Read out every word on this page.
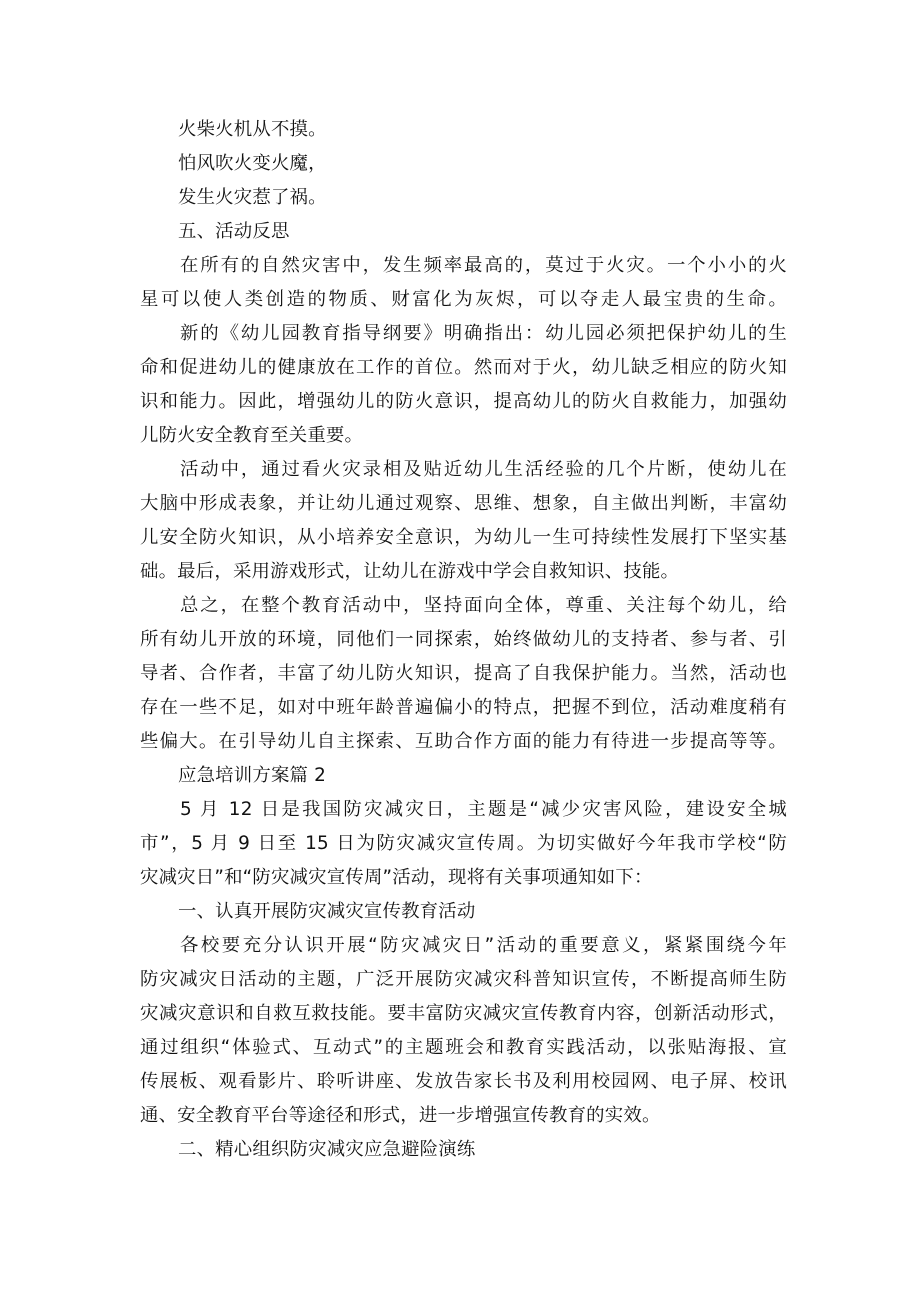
火柴火机从不摸。
怕风吹火变火魔，
发生火灾惹了祸。
五、活动反思
在所有的自然灾害中，发生频率最高的，莫过于火灾。一个小小的火
星可以使人类创造的物质、财富化为灰烬，可以夺走人最宝贵的生命。
新的《幼儿园教育指导纲要》明确指出：幼儿园必须把保护幼儿的生
命和促进幼儿的健康放在工作的首位。然而对于火，幼儿缺乏相应的防火知
识和能力。因此，增强幼儿的防火意识，提高幼儿的防火自救能力，加强幼
儿防火安全教育至关重要。
活动中，通过看火灾录相及贴近幼儿生活经验的几个片断，使幼儿在
大脑中形成表象，并让幼儿通过观察、思维、想象，自主做出判断，丰富幼
儿安全防火知识，从小培养安全意识，为幼儿一生可持续性发展打下坚实基
础。最后，采用游戏形式，让幼儿在游戏中学会自救知识、技能。
总之，在整个教育活动中，坚持面向全体，尊重、关注每个幼儿，给
所有幼儿开放的环境，同他们一同探索，始终做幼儿的支持者、参与者、引
导者、合作者，丰富了幼儿防火知识，提高了自我保护能力。当然，活动也
存在一些不足，如对中班年龄普遍偏小的特点，把握不到位，活动难度稍有
些偏大。在引导幼儿自主探索、互助合作方面的能力有待进一步提高等等。
应急培训方案篇 2
5 月 12 日是我国防灾减灾日，主题是“减少灾害风险，建设安全城
市”，5 月 9 日至 15 日为防灾减灾宣传周。为切实做好今年我市学校“防
灾减灾日”和“防灾减灾宣传周”活动，现将有关事项通知如下：
一、认真开展防灾减灾宣传教育活动
各校要充分认识开展“防灾减灾日”活动的重要意义，紧紧围绕今年
防灾减灾日活动的主题，广泛开展防灾减灾科普知识宣传，不断提高师生防
灾减灾意识和自救互救技能。要丰富防灾减灾宣传教育内容，创新活动形式，
通过组织“体验式、互动式”的主题班会和教育实践活动，以张贴海报、宣
传展板、观看影片、聆听讲座、发放告家长书及利用校园网、电子屏、校讯
通、安全教育平台等途径和形式，进一步增强宣传教育的实效。
二、精心组织防灾减灾应急避险演练
